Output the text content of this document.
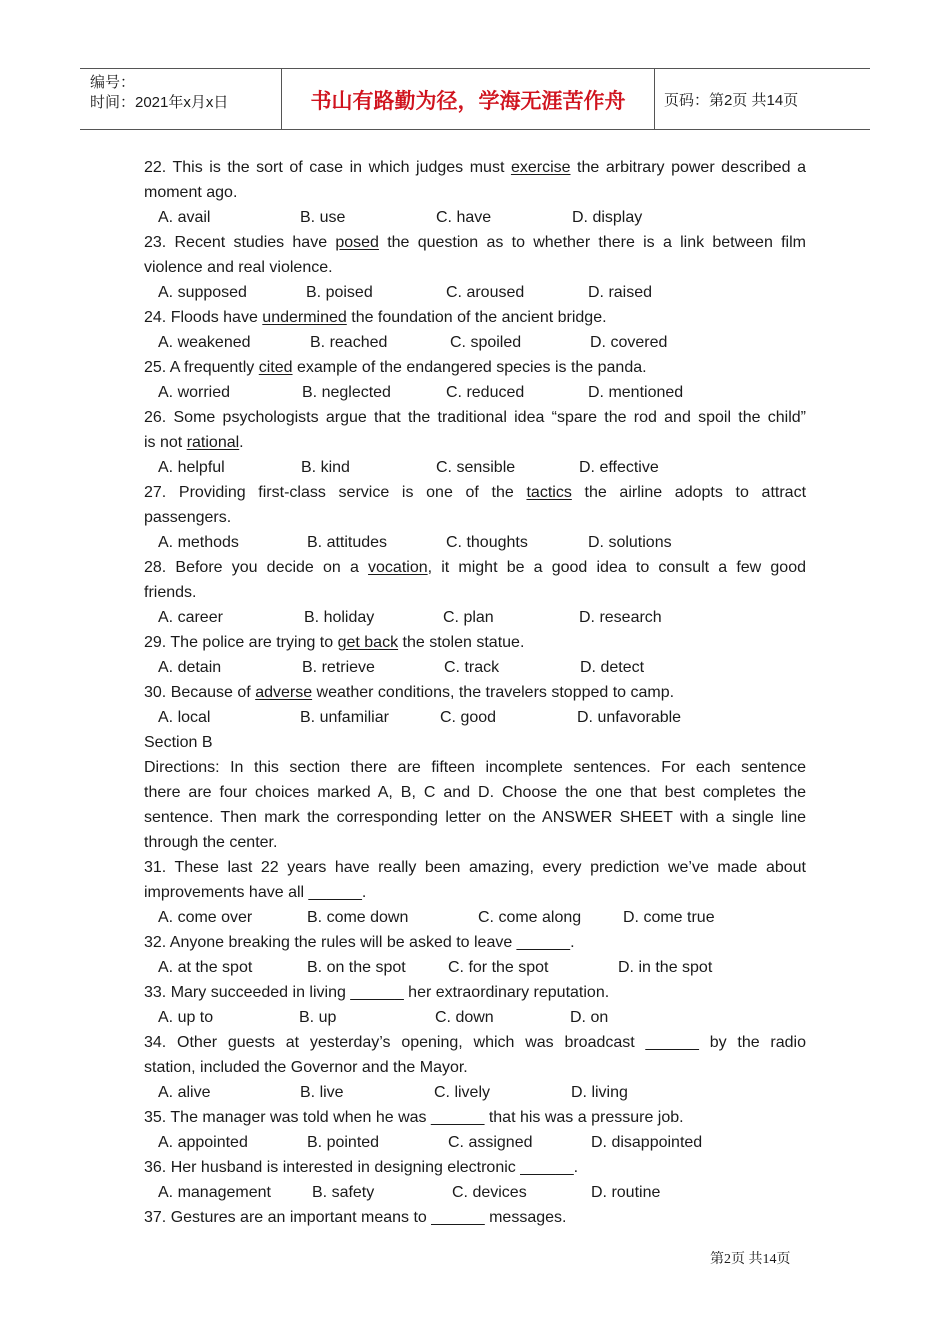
编号：
时间：2021年x月x日	书山有路勤为径，学海无涯苦作舟	页码：第2页 共14页
22. This is the sort of case in which judges must exercise the arbitrary power described a
moment ago.
A. avail	B. use	C. have	D. display
23. Recent studies have posed the question as to whether there is a link between film
violence and real violence.
A. supposed	B. poised	C. aroused	D. raised
24. Floods have undermined the foundation of the ancient bridge.
A. weakened	B. reached	C. spoiled	D. covered
25. A frequently cited example of the endangered species is the panda.
A. worried	B. neglected	C. reduced	D. mentioned
26. Some psychologists argue that the traditional idea “spare the rod and spoil the child”
is not rational.
A. helpful	B. kind	C. sensible	D. effective
27. Providing first-class service is one of the tactics the airline adopts to attract
passengers.
A. methods	B. attitudes	C. thoughts	D. solutions
28. Before you decide on a vocation, it might be a good idea to consult a few good
friends.
A. career	B. holiday	C. plan	D. research
29. The police are trying to get back the stolen statue.
A. detain	B. retrieve	C. track	D. detect
30. Because of adverse weather conditions, the travelers stopped to camp.
A. local	B. unfamiliar	C. good	D. unfavorable
Section B
Directions: In this section there are fifteen incomplete sentences. For each sentence
there are four choices marked A, B, C and D. Choose the one that best completes the
sentence. Then mark the corresponding letter on the ANSWER SHEET with a single line
through the center.
31. These last 22 years have really been amazing, every prediction we’ve made about
improvements have all ______.
A. come over	B. come down	C. come along	D. come true
32. Anyone breaking the rules will be asked to leave ______.
A. at the spot	B. on the spot	C. for the spot	D. in the spot
33. Mary succeeded in living ______ her extraordinary reputation.
A. up to	B. up	C. down	D. on
34. Other guests at yesterday’s opening, which was broadcast ______ by the radio
station, included the Governor and the Mayor.
A. alive	B. live	C. lively	D. living
35. The manager was told when he was ______ that his was a pressure job.
A. appointed	B. pointed	C. assigned	D. disappointed
36. Her husband is interested in designing electronic ______.
A. management	B. safety	C. devices	D. routine
37. Gestures are an important means to ______ messages.
第2页 共14页
